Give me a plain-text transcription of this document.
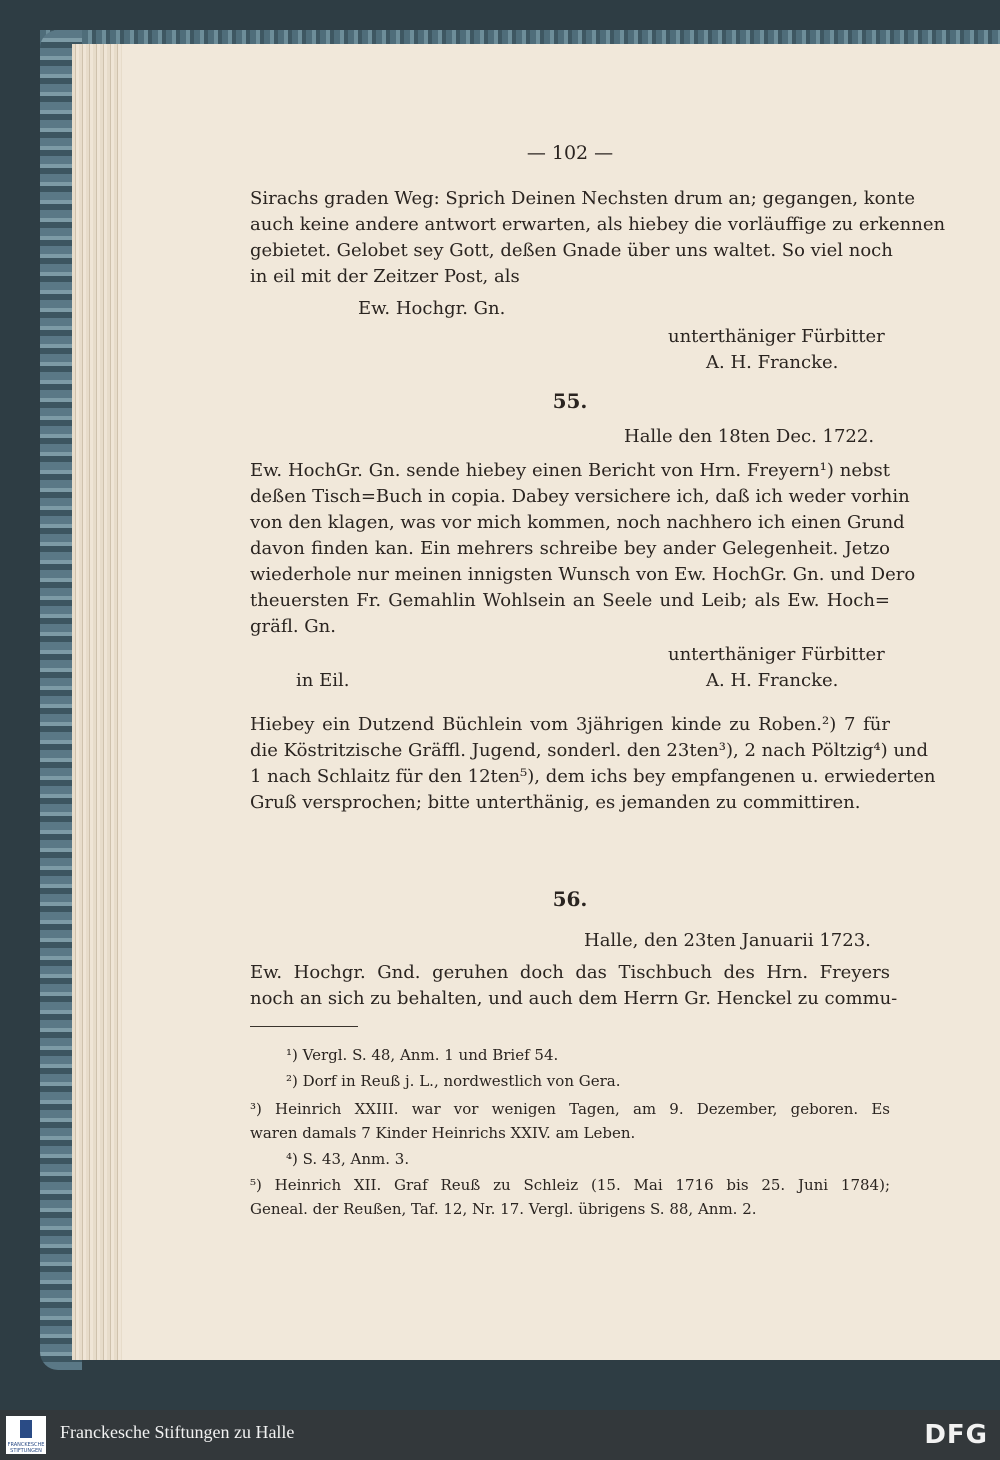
— 102 —
Sirachs graden Weg: Sprich Deinen Nechsten drum an; gegangen, konte
auch keine andere antwort erwarten, als hiebey die vorläuffige zu erkennen
gebietet. Gelobet sey Gott, deßen Gnade über uns waltet. So viel noch
in eil mit der Zeitzer Post, als
Ew. Hochgr. Gn.
unterthäniger Fürbitter
A. H. Francke.
55.
Halle den 18ten Dec. 1722.
Ew. HochGr. Gn. sende hiebey einen Bericht von Hrn. Freyern¹) nebst
deßen Tisch=Buch in copia. Dabey versichere ich, daß ich weder vorhin
von den klagen, was vor mich kommen, noch nachhero ich einen Grund
davon finden kan. Ein mehrers schreibe bey ander Gelegenheit. Jetzo
wiederhole nur meinen innigsten Wunsch von Ew. HochGr. Gn. und Dero
theuersten Fr. Gemahlin Wohlsein an Seele und Leib; als Ew. Hoch=
gräfl. Gn.
unterthäniger Fürbitter
in Eil.	A. H. Francke.
Hiebey ein Dutzend Büchlein vom 3jährigen kinde zu Roben.²) 7 für
die Köstritzische Gräffl. Jugend, sonderl. den 23ten³), 2 nach Pöltzig⁴) und
1 nach Schlaitz für den 12ten⁵), dem ichs bey empfangenen u. erwiederten
Gruß versprochen; bitte unterthänig, es jemanden zu committiren.
56.
Halle, den 23ten Januarii 1723.
Ew. Hochgr. Gnd. geruhen doch das Tischbuch des Hrn. Freyers
noch an sich zu behalten, und auch dem Herrn Gr. Henckel zu commu-
¹) Vergl. S. 48, Anm. 1 und Brief 54.
²) Dorf in Reuß j. L., nordwestlich von Gera.
³) Heinrich XXIII. war vor wenigen Tagen, am 9. Dezember, geboren. Es
waren damals 7 Kinder Heinrichs XXIV. am Leben.
⁴) S. 43, Anm. 3.
⁵) Heinrich XII. Graf Reuß zu Schleiz (15. Mai 1716 bis 25. Juni 1784);
Geneal. der Reußen, Taf. 12, Nr. 17. Vergl. übrigens S. 88, Anm. 2.
FRANCKESCHE STIFTUNGEN
Franckesche Stiftungen zu Halle	DFG
